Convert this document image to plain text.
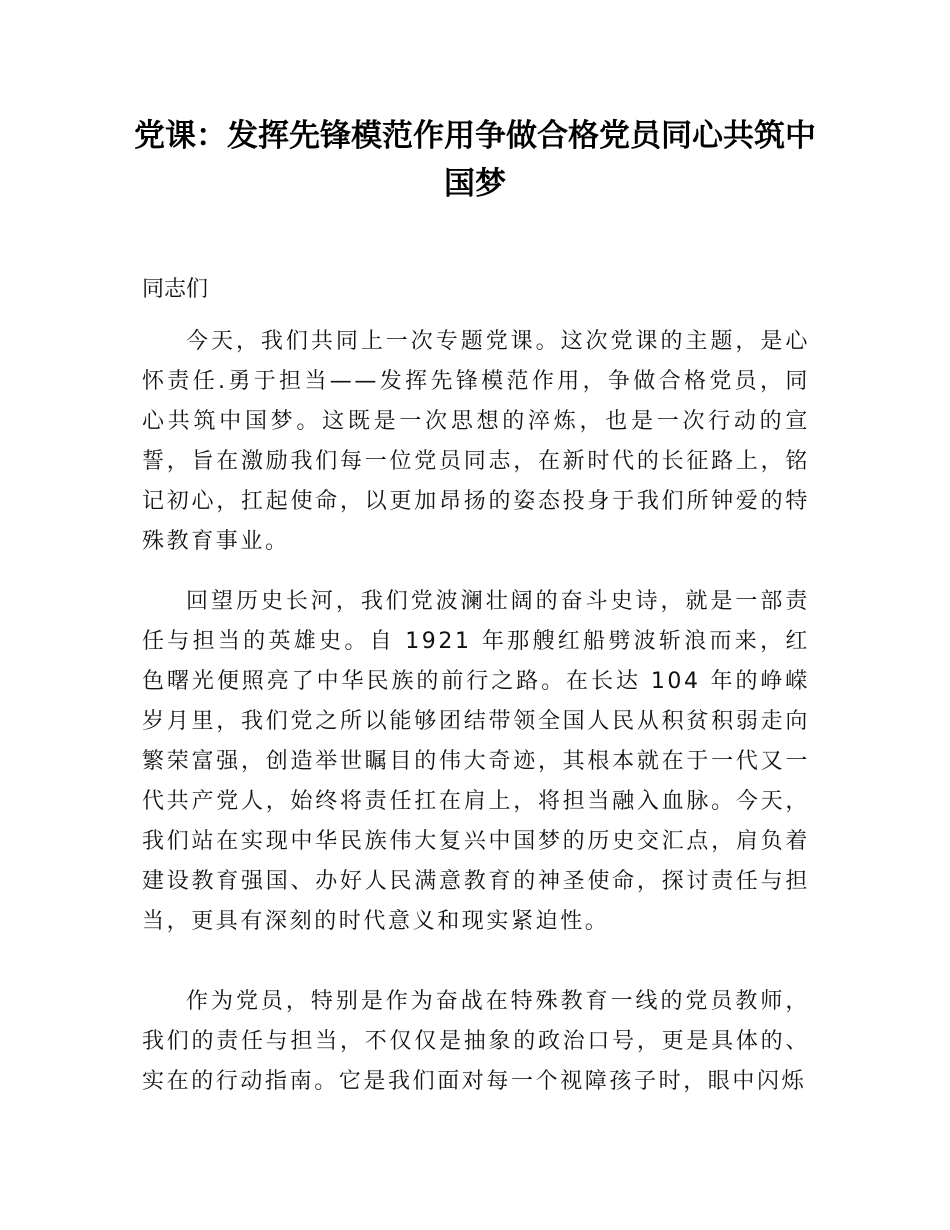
党课：发挥先锋模范作用争做合格党员同心共筑中国梦

同志们

今天，我们共同上一次专题党课。这次党课的主题，是心怀责任.勇于担当——发挥先锋模范作用，争做合格党员，同心共筑中国梦。这既是一次思想的淬炼，也是一次行动的宣誓，旨在激励我们每一位党员同志，在新时代的长征路上，铭记初心，扛起使命，以更加昂扬的姿态投身于我们所钟爱的特殊教育事业。

回望历史长河，我们党波澜壮阔的奋斗史诗，就是一部责任与担当的英雄史。自 1921 年那艘红船劈波斩浪而来，红色曙光便照亮了中华民族的前行之路。在长达 104 年的峥嵘岁月里，我们党之所以能够团结带领全国人民从积贫积弱走向繁荣富强，创造举世瞩目的伟大奇迹，其根本就在于一代又一代共产党人，始终将责任扛在肩上，将担当融入血脉。今天，我们站在实现中华民族伟大复兴中国梦的历史交汇点，肩负着建设教育强国、办好人民满意教育的神圣使命，探讨责任与担当，更具有深刻的时代意义和现实紧迫性。

作为党员，特别是作为奋战在特殊教育一线的党员教师，我们的责任与担当，不仅仅是抽象的政治口号，更是具体的、实在的行动指南。它是我们面对每一个视障孩子时，眼中闪烁
